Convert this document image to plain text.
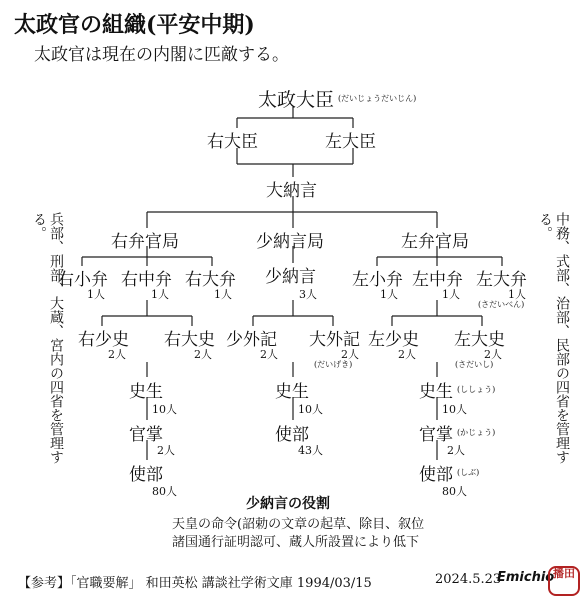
太政官の組織(平安中期)
太政官は現在の内閣に匹敵する。
太政大臣 (だいじょうだいじん)
右大臣	左大臣
大納言
右弁官局	少納言局	左弁官局
右小弁
1人
右中弁
1人
右大弁
1人
少納言
3人
左小弁
1人
左中弁
1人
左大弁
1人
(さだいべん)
右少史
2人
右大史
2人
少外記
2人
大外記
2人
(だいげき)
左少史
2人
左大史
2人
(さだいし)
史生
10人
官掌
2人
使部
80人
史生
10人
使部
43人
史生 (ししょう)
10人
官掌 (かじょう)
2人
使部 (しぶ)
80人
兵部、刑部、大蔵、宮内の四省を管理する。	中務、式部、治部、民部の四省を管理する。
少納言の役割
天皇の命令(詔勅の文章の起草、除目、叙位
諸国通行証明認可、蔵人所設置により低下
【参考】「官職要解」 和田英松 講談社学術文庫 1994/03/15	2024.5.23
Emichio
播田
